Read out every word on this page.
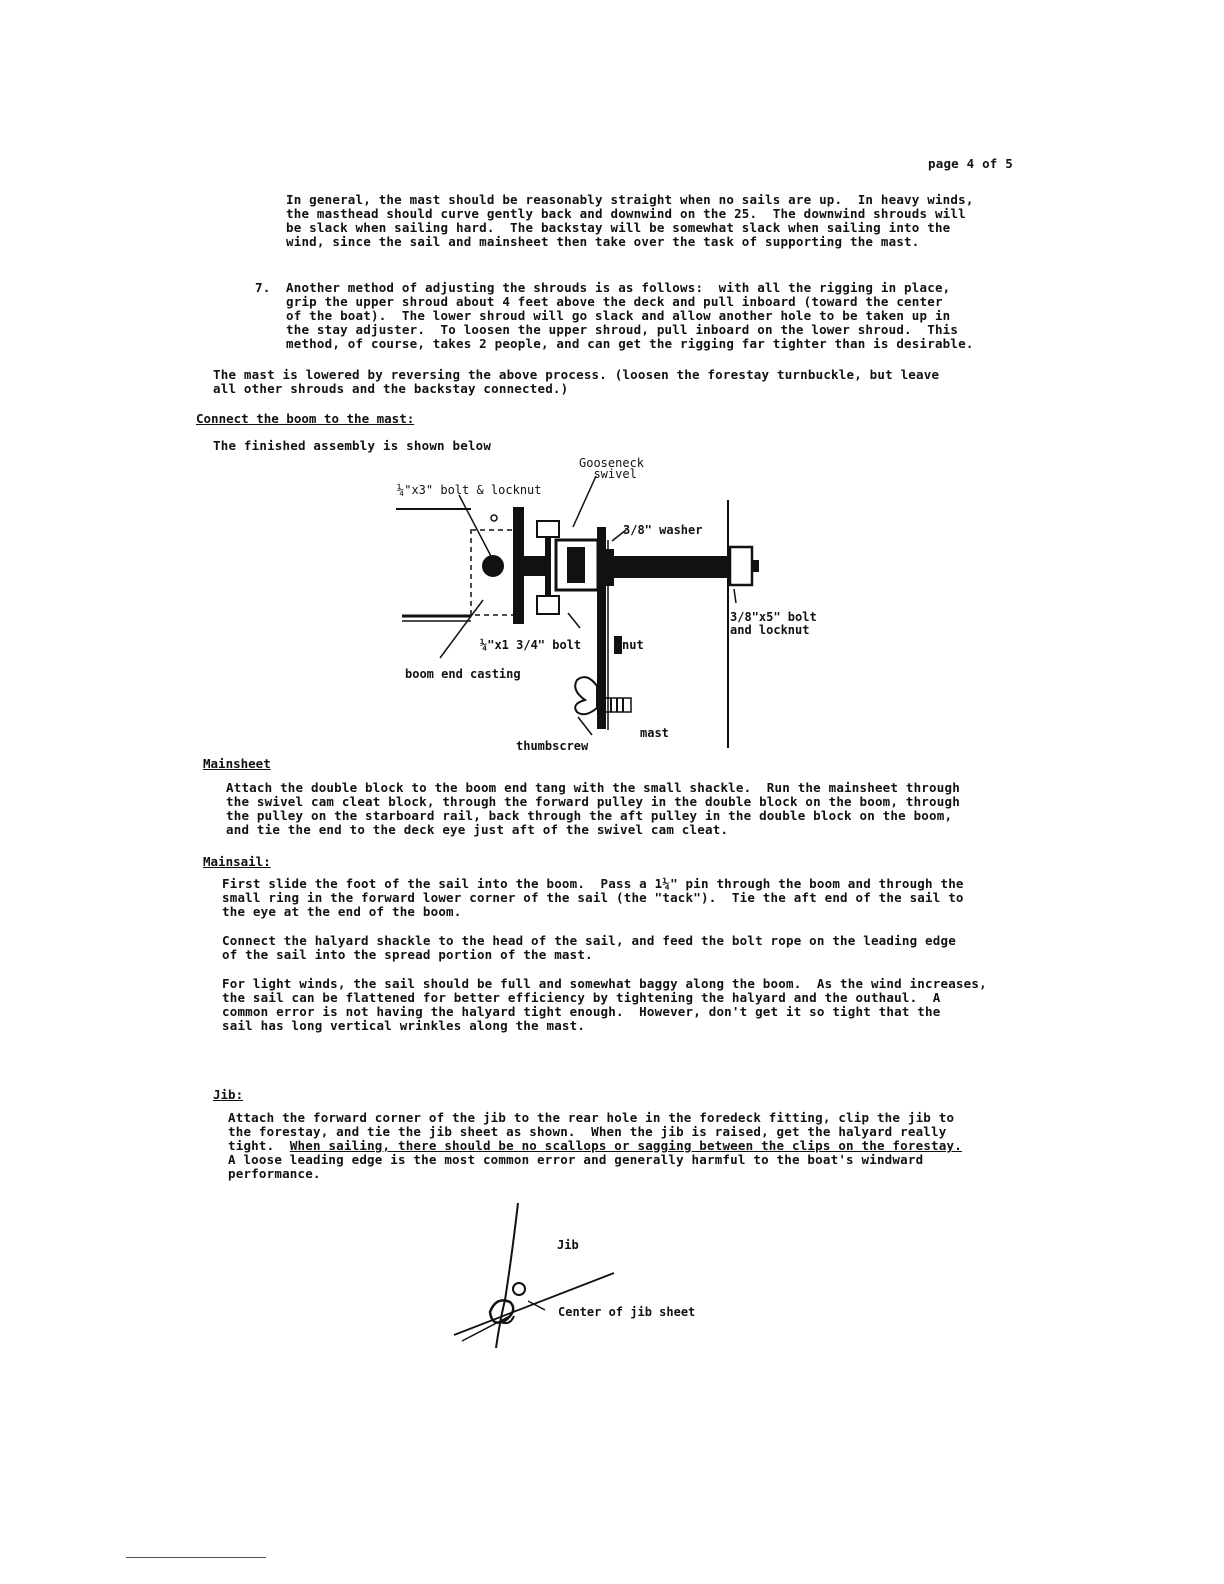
page 4 of 5
In general, the mast should be reasonably straight when no sails are up.  In heavy winds,
the masthead should curve gently back and downwind on the 25.  The downwind shrouds will
be slack when sailing hard.  The backstay will be somewhat slack when sailing into the
wind, since the sail and mainsheet then take over the task of supporting the mast.
7. Another method of adjusting the shrouds is as follows:  with all the rigging in place,
grip the upper shroud about 4 feet above the deck and pull inboard (toward the center
of the boat).  The lower shroud will go slack and allow another hole to be taken up in
the stay adjuster.  To loosen the upper shroud, pull inboard on the lower shroud.  This
method, of course, takes 2 people, and can get the rigging far tighter than is desirable.
The mast is lowered by reversing the above process. (loosen the forestay turnbuckle, but leave
all other shrouds and the backstay connected.)
Connect the boom to the mast:
The finished assembly is shown below
Gooseneck
swivel
¼"x3" bolt & locknut
3/8" washer
3/8"x5" bolt
and locknut
¼"x1 3/4" bolt	nut
boom end casting
thumbscrew
mast
Mainsheet
Attach the double block to the boom end tang with the small shackle.  Run the mainsheet through
the swivel cam cleat block, through the forward pulley in the double block on the boom, through
the pulley on the starboard rail, back through the aft pulley in the double block on the boom,
and tie the end to the deck eye just aft of the swivel cam cleat.
Mainsail:
First slide the foot of the sail into the boom.  Pass a 1¼" pin through the boom and through the
small ring in the forward lower corner of the sail (the "tack").  Tie the aft end of the sail to
the eye at the end of the boom.
Connect the halyard shackle to the head of the sail, and feed the bolt rope on the leading edge
of the sail into the spread portion of the mast.
For light winds, the sail should be full and somewhat baggy along the boom.  As the wind increases,
the sail can be flattened for better efficiency by tightening the halyard and the outhaul.  A
common error is not having the halyard tight enough.  However, don't get it so tight that the
sail has long vertical wrinkles along the mast.
Jib:
Attach the forward corner of the jib to the rear hole in the foredeck fitting, clip the jib to
the forestay, and tie the jib sheet as shown.  When the jib is raised, get the halyard really
tight.  When sailing, there should be no scallops or sagging between the clips on the forestay.
A loose leading edge is the most common error and generally harmful to the boat's windward
performance.
Jib
Center of jib sheet
